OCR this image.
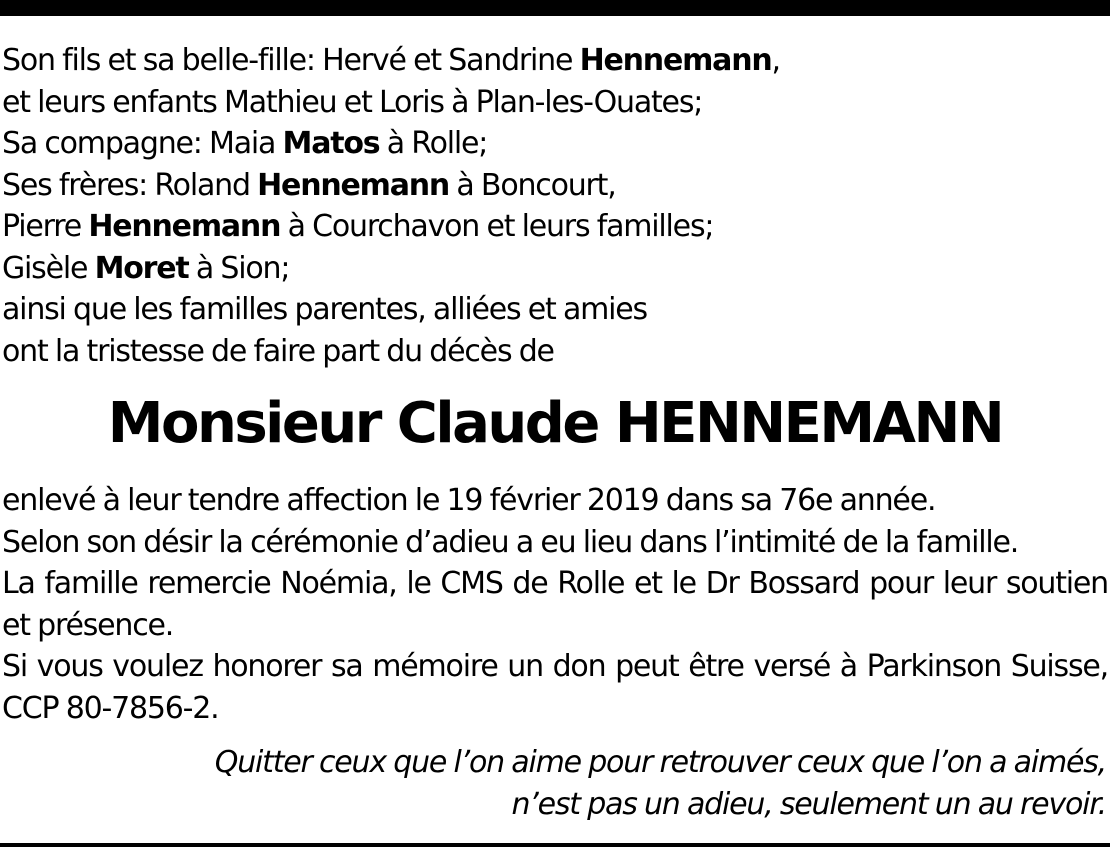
Son fils et sa belle-fille: Hervé et Sandrine Hennemann,
et leurs enfants Mathieu et Loris à Plan-les-Ouates;
Sa compagne: Maia Matos à Rolle;
Ses frères: Roland Hennemann à Boncourt,
Pierre Hennemann à Courchavon et leurs familles;
Gisèle Moret à Sion;
ainsi que les familles parentes, alliées et amies
ont la tristesse de faire part du décès de
Monsieur Claude HENNEMANN

enlevé à leur tendre affection le 19 février 2019 dans sa 76e année.

Selon son désir la cérémonie d’adieu a eu lieu dans l’intimité de la famille.

La famille remercie Noémia, le CMS de Rolle et le Dr Bossard pour leur soutien et présence.

Si vous voulez honorer sa mémoire un don peut être versé à Parkinson Suisse, CCP 80-7856-2.

Quitter ceux que l’on aime pour retrouver ceux que l’on a aimés,
n’est pas un adieu, seulement un au revoir.
